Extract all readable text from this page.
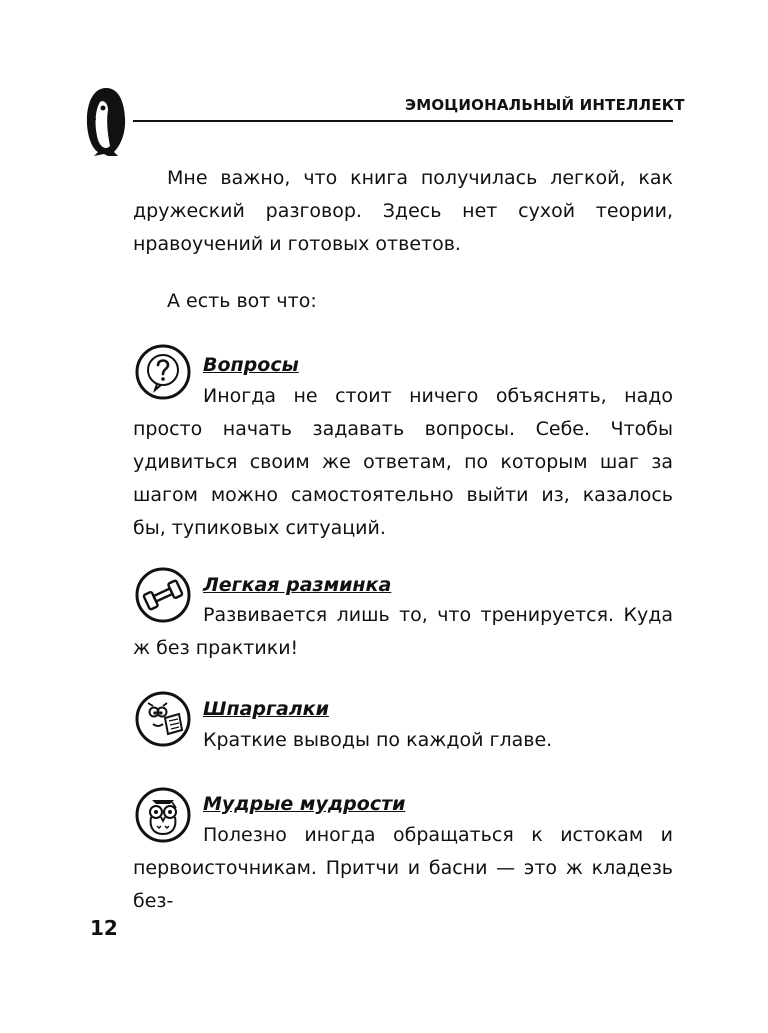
ЭМОЦИОНАЛЬНЫЙ ИНТЕЛЛЕКТ
Мне важно, что книга получилась легкой, как дружеский разговор. Здесь нет сухой теории, нравоучений и готовых ответов.
А есть вот что:
Вопросы
Иногда не стоит ничего объяснять, надо просто начать задавать вопросы. Себе. Чтобы удивиться своим же ответам, по которым шаг за шагом можно самостоятельно выйти из, казалось бы, тупиковых ситуаций.
Легкая разминка
Развивается лишь то, что тренируется. Куда ж без практики!
Шпаргалки
Краткие выводы по каждой главе.
Мудрые мудрости
Полезно иногда обращаться к истокам и первоисточникам. Притчи и басни — это ж кладезь без-
12
